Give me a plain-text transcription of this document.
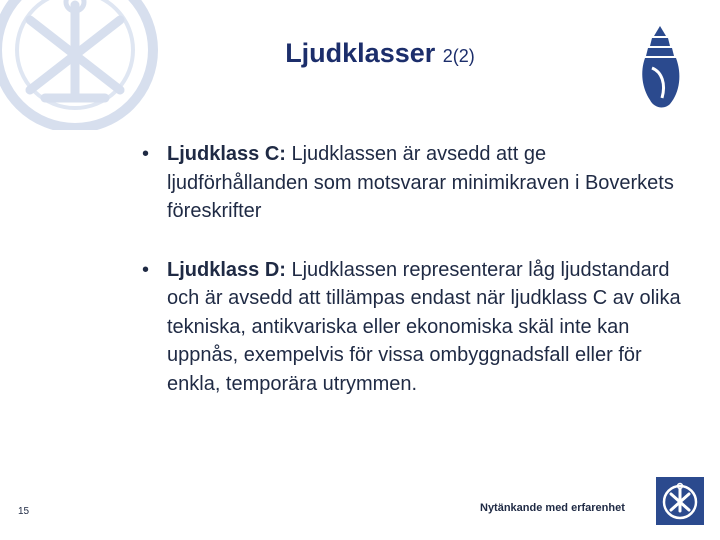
Ljudklasser 2(2)
• Ljudklass C: Ljudklassen är avsedd att ge ljudförhållanden som motsvarar minimikraven i Boverkets föreskrifter
• Ljudklass D: Ljudklassen representerar låg ljudstandard och är avsedd att tillämpas endast när ljudklass C av olika tekniska, antikvariska eller ekonomiska skäl inte kan uppnås, exempelvis för vissa ombyggnadsfall eller för enkla, temporära utrymmen.
15	Nytänkande med erfarenhet
